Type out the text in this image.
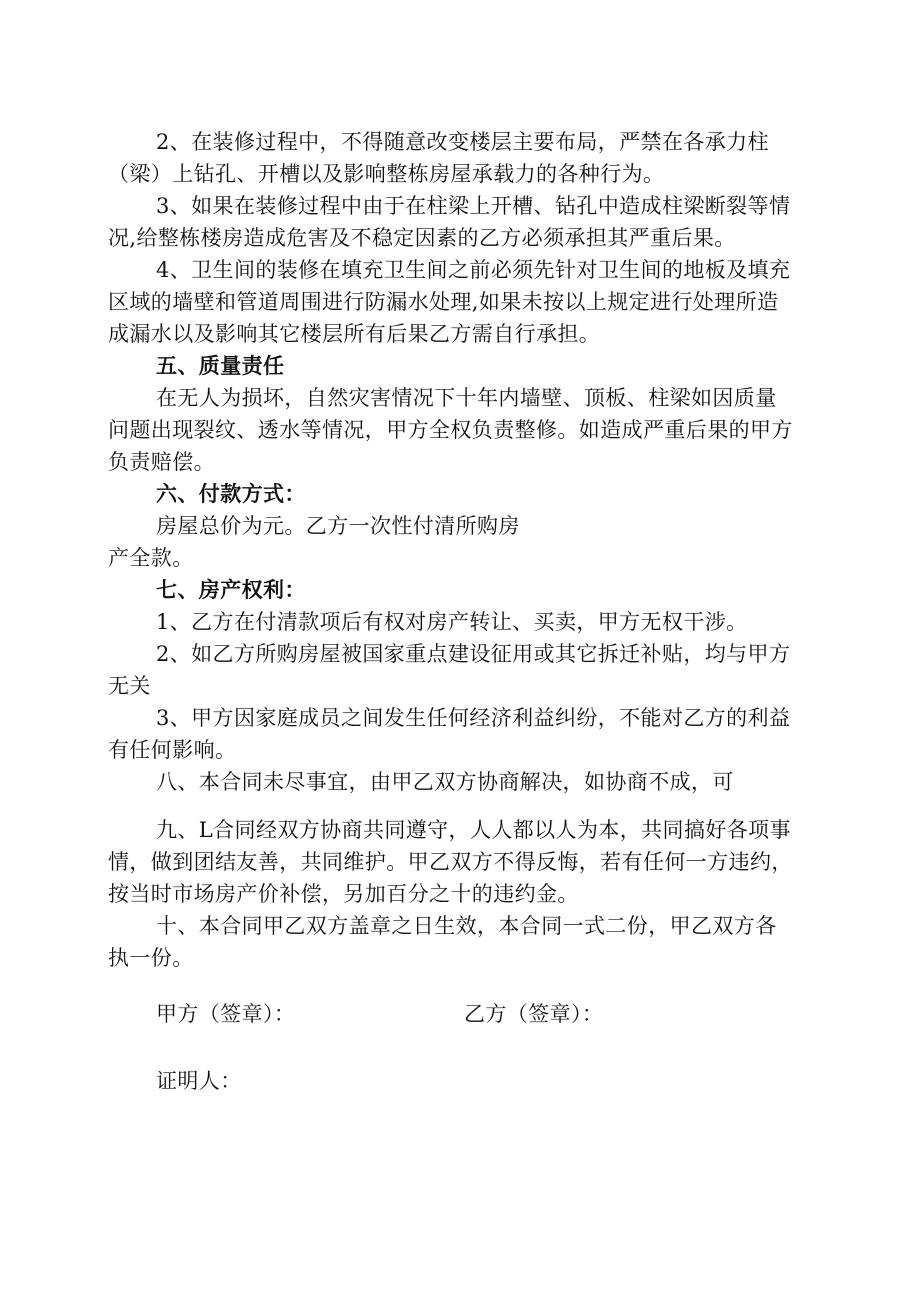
2、在装修过程中，不得随意改变楼层主要布局，严禁在各承力柱
（梁）上钻孔、开槽以及影响整栋房屋承载力的各种行为。
3、如果在装修过程中由于在柱梁上开槽、钻孔中造成柱梁断裂等情
况,给整栋楼房造成危害及不稳定因素的乙方必须承担其严重后果。
4、卫生间的装修在填充卫生间之前必须先针对卫生间的地板及填充
区域的墙壁和管道周围进行防漏水处理,如果未按以上规定进行处理所造
成漏水以及影响其它楼层所有后果乙方需自行承担。
五、质量责任
在无人为损坏，自然灾害情况下十年内墙壁、顶板、柱梁如因质量
问题出现裂纹、透水等情况，甲方全权负责整修。如造成严重后果的甲方
负责赔偿。
六、付款方式：
房屋总价为元。乙方一次性付清所购房
产全款。
七、房产权利：
1、乙方在付清款项后有权对房产转让、买卖，甲方无权干涉。
2、如乙方所购房屋被国家重点建设征用或其它拆迁补贴，均与甲方
无关
3、甲方因家庭成员之间发生任何经济利益纠纷，不能对乙方的利益
有任何影响。
八、本合同未尽事宜，由甲乙双方协商解决，如协商不成，可
九、L合同经双方协商共同遵守，人人都以人为本，共同搞好各项事
情，做到团结友善，共同维护。甲乙双方不得反悔，若有任何一方违约，
按当时市场房产价补偿，另加百分之十的违约金。
十、本合同甲乙双方盖章之日生效，本合同一式二份，甲乙双方各
执一份。
甲方（签章）：	乙方（签章）：
证明人：
